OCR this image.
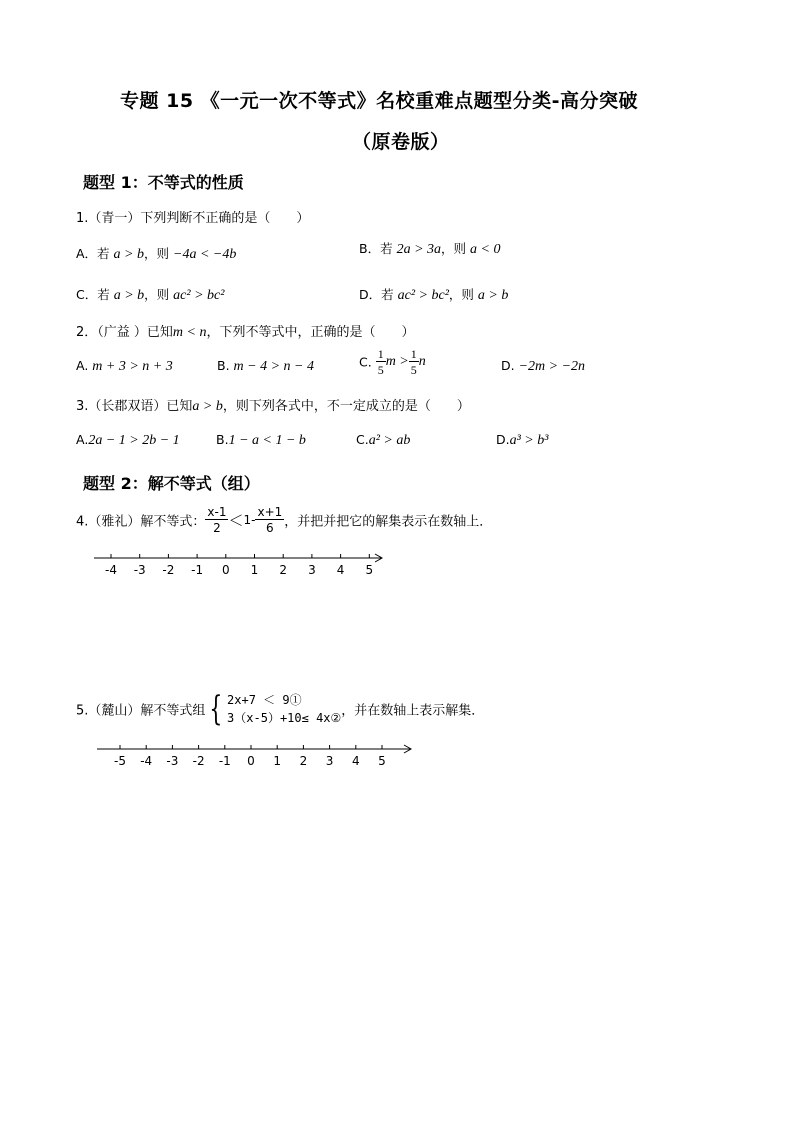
专题 15 《一元一次不等式》名校重难点题型分类-高分突破
（原卷版）
题型 1：不等式的性质
1.（青一）下列判断不正确的是（　　）
A．若 a > b，则 −4a < −4b	B．若 2a > 3a，则 a < 0
C．若 a > b，则 ac² > bc²	D．若 ac² > bc²，则 a > b
2．（广益 ）已知m < n，下列不等式中，正确的是（　　）
A. m + 3 > n + 3	B. m − 4 > n − 4	C. $\frac{1}{5}$ $m > \frac{1}{5}$ n	D. −2m > −2n
3.（长郡双语）已知a > b，则下列各式中，不一定成立的是（　　）
A.2a − 1 > 2b − 1	B.1 − a < 1 − b	C.a² > ab	D.a³ > b³
题型 2：解不等式（组）
4.（雅礼）解不等式： $\frac{x-1}{2} <1- \frac{x+1}{6}$ ，并把并把它的解集表示在数轴上．
-4 -3 -2 -1 0 1 2 3 4 5
5.（麓山）解不等式组 { 2x+7 ＜ 9①
3（x-5）+10≤ 4x② ，并在数轴上表示解集．
-5 -4 -3 -2 -1 0 1 2 3 4 5
